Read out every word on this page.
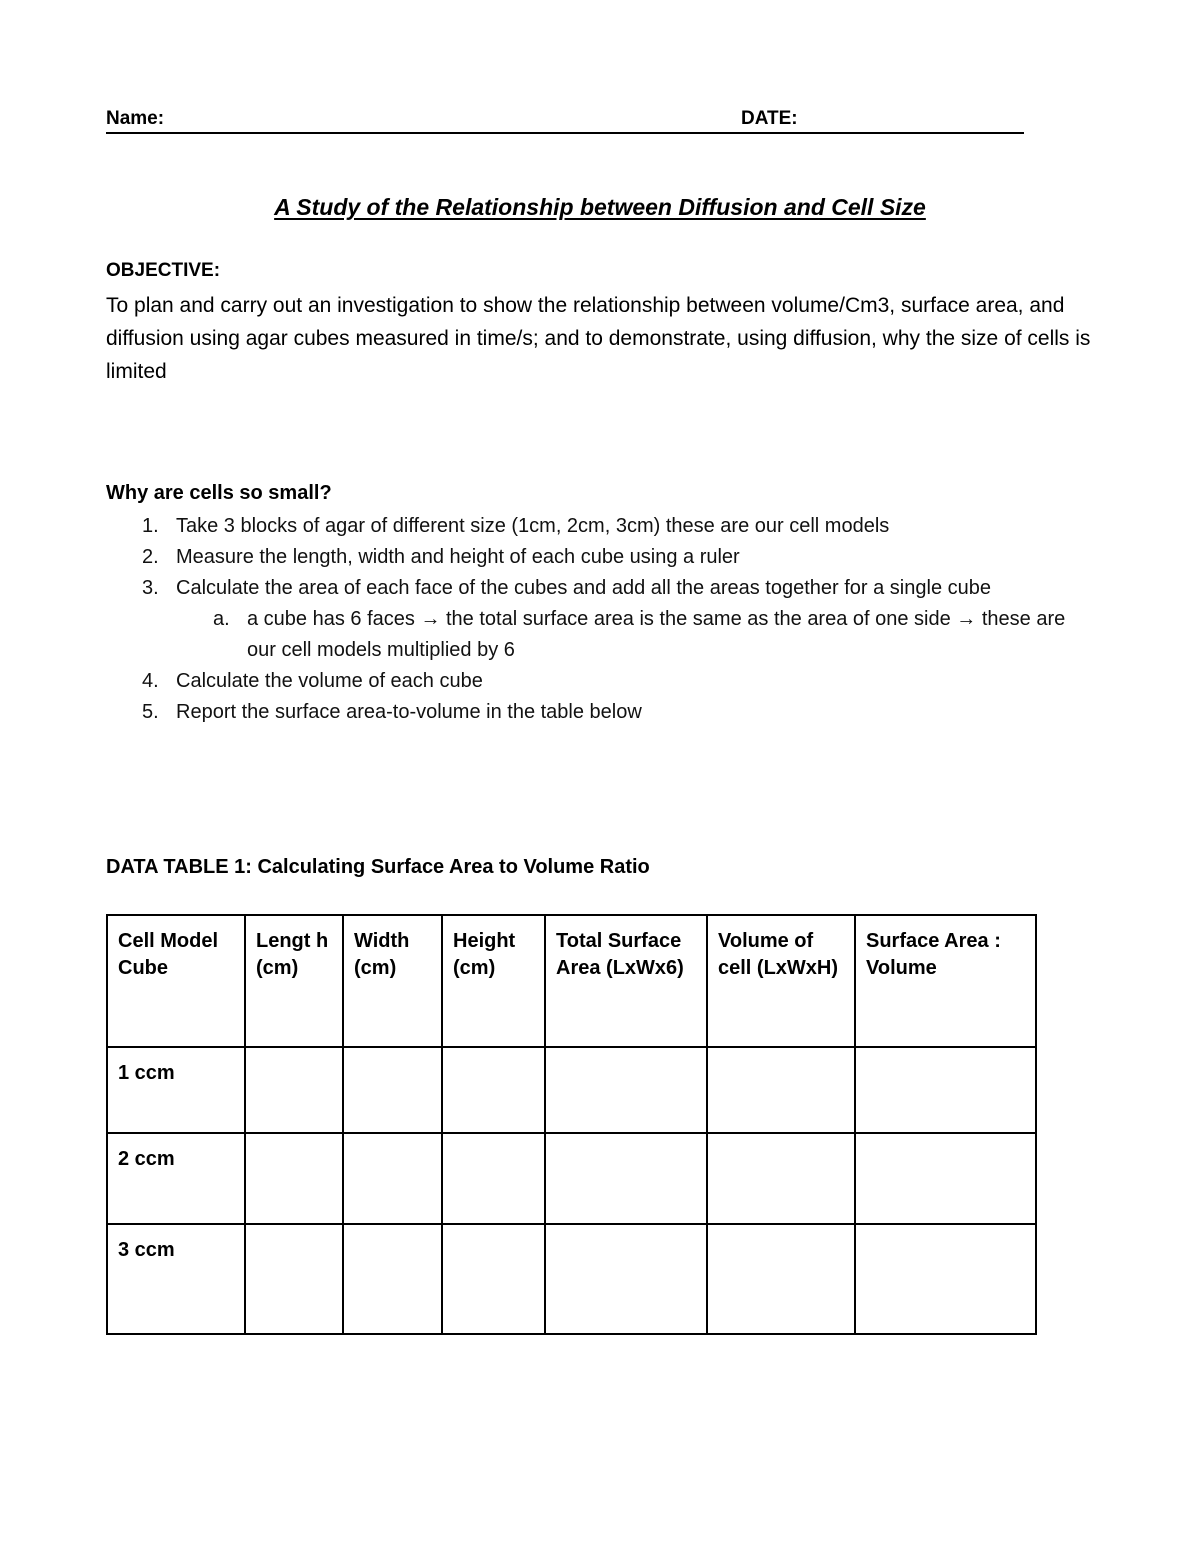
Name:	DATE:
A Study of the Relationship between Diffusion and Cell Size
OBJECTIVE:
To plan and carry out an investigation to show the relationship between volume/Cm3, surface area, and diffusion using agar cubes measured in time/s; and to demonstrate, using diffusion, why the size of cells is limited
Why are cells so small?
1. Take 3 blocks of agar of different size (1cm, 2cm, 3cm) these are our cell models
2. Measure the length, width and height of each cube using a ruler
3. Calculate the area of each face of the cubes and add all the areas together for a single cube
a. a cube has 6 faces → the total surface area is the same as the area of one side → these are our cell models multiplied by 6
4. Calculate the volume of each cube
5. Report the surface area-to-volume in the table below
DATA TABLE 1: Calculating Surface Area to Volume Ratio
Cell Model Cube	Lengt h (cm)	Width (cm)	Height (cm)	Total Surface Area (LxWx6)	Volume of cell (LxWxH)	Surface Area : Volume
1 ccm						
2 ccm						
3 ccm						
